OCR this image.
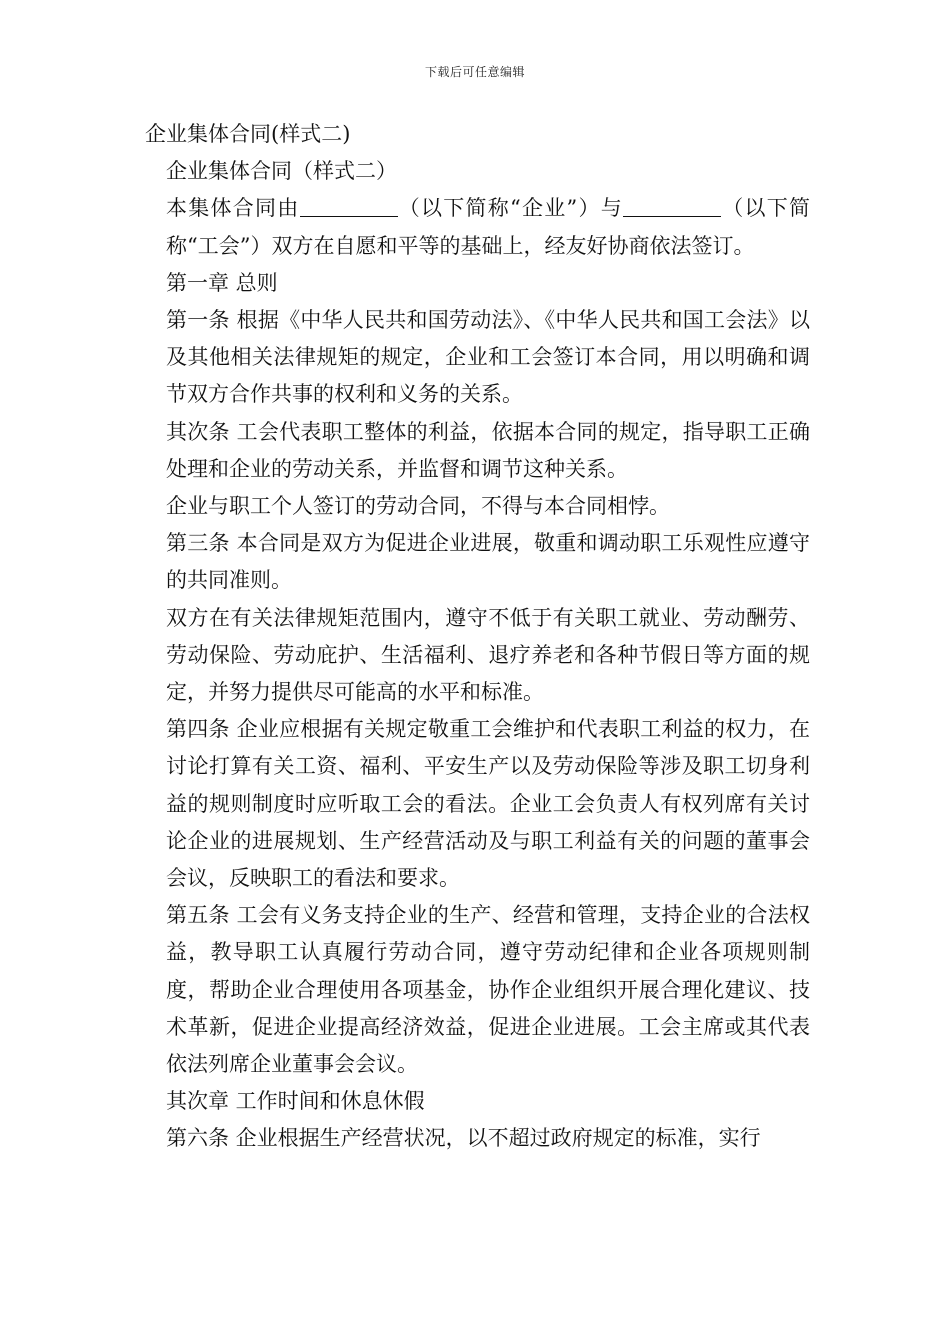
下载后可任意编辑

企业集体合同(样式二)

企业集体合同（样式二）

本集体合同由	（以下简称“企业”）与	（以下简称“工会”）双方在自愿和平等的基础上，经友好协商依法签订。

第一章 总则

第一条 根据《中华人民共和国劳动法》、《中华人民共和国工会法》以及其他相关法律规矩的规定，企业和工会签订本合同，用以明确和调节双方合作共事的权利和义务的关系。

其次条 工会代表职工整体的利益，依据本合同的规定，指导职工正确处理和企业的劳动关系，并监督和调节这种关系。

企业与职工个人签订的劳动合同，不得与本合同相悖。

第三条 本合同是双方为促进企业进展，敬重和调动职工乐观性应遵守的共同准则。

双方在有关法律规矩范围内，遵守不低于有关职工就业、劳动酬劳、劳动保险、劳动庇护、生活福利、退疗养老和各种节假日等方面的规定，并努力提供尽可能高的水平和标准。

第四条 企业应根据有关规定敬重工会维护和代表职工利益的权力，在讨论打算有关工资、福利、平安生产以及劳动保险等涉及职工切身利益的规则制度时应听取工会的看法。企业工会负责人有权列席有关讨论企业的进展规划、生产经营活动及与职工利益有关的问题的董事会会议，反映职工的看法和要求。

第五条 工会有义务支持企业的生产、经营和管理，支持企业的合法权益，教导职工认真履行劳动合同，遵守劳动纪律和企业各项规则制度，帮助企业合理使用各项基金，协作企业组织开展合理化建议、技术革新，促进企业提高经济效益，促进企业进展。工会主席或其代表依法列席企业董事会会议。

其次章 工作时间和休息休假

第六条 企业根据生产经营状况，以不超过政府规定的标准，实行
